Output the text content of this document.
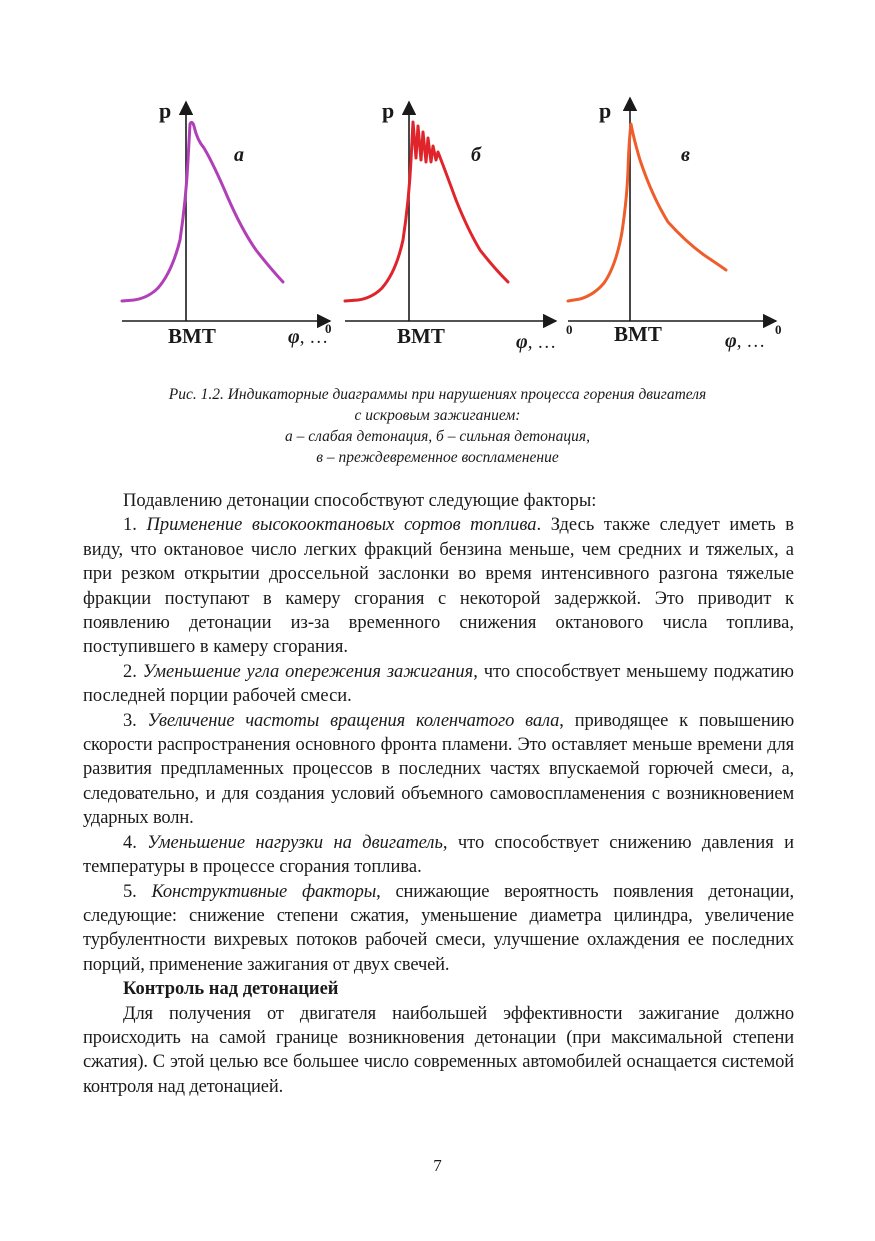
p
а
ВМТ	φ, …
0
p
б
ВМТ	φ, …
0
p
в
ВМТ	φ, …
0
Рис. 1.2. Индикаторные диаграммы при нарушениях процесса горения двигателя
с искровым зажиганием:
а – слабая детонация, б – сильная детонация,
в – преждевременное воспламенение

Подавлению детонации способствуют следующие факторы:

1. Применение высокооктановых сортов топлива. Здесь также следует иметь в виду, что октановое число легких фракций бензина меньше, чем средних и тяжелых, а при резком открытии дроссельной заслонки во время интенсивного разгона тяжелые фракции поступают в камеру сгорания с некоторой задержкой. Это приводит к появлению детонации из-за временного снижения октанового числа топлива, поступившего в камеру сгорания.

2. Уменьшение угла опережения зажигания, что способствует меньшему поджатию последней порции рабочей смеси.

3. Увеличение частоты вращения коленчатого вала, приводящее к повышению скорости распространения основного фронта пламени. Это оставляет меньше времени для развития предпламенных процессов в последних частях впускаемой горючей смеси, а, следовательно, и для создания условий объемного самовоспламенения с возникновением ударных волн.

4. Уменьшение нагрузки на двигатель, что способствует снижению давления и температуры в процессе сгорания топлива.

5. Конструктивные факторы, снижающие вероятность появления детонации, следующие: снижение степени сжатия, уменьшение диаметра цилиндра, увеличение турбулентности вихревых потоков рабочей смеси, улучшение охлаждения ее последних порций, применение зажигания от двух свечей.

Контроль над детонацией

Для получения от двигателя наибольшей эффективности зажигание должно происходить на самой границе возникновения детонации (при максимальной степени сжатия). С этой целью все большее число современных автомобилей оснащается системой контроля над детонацией.

7
